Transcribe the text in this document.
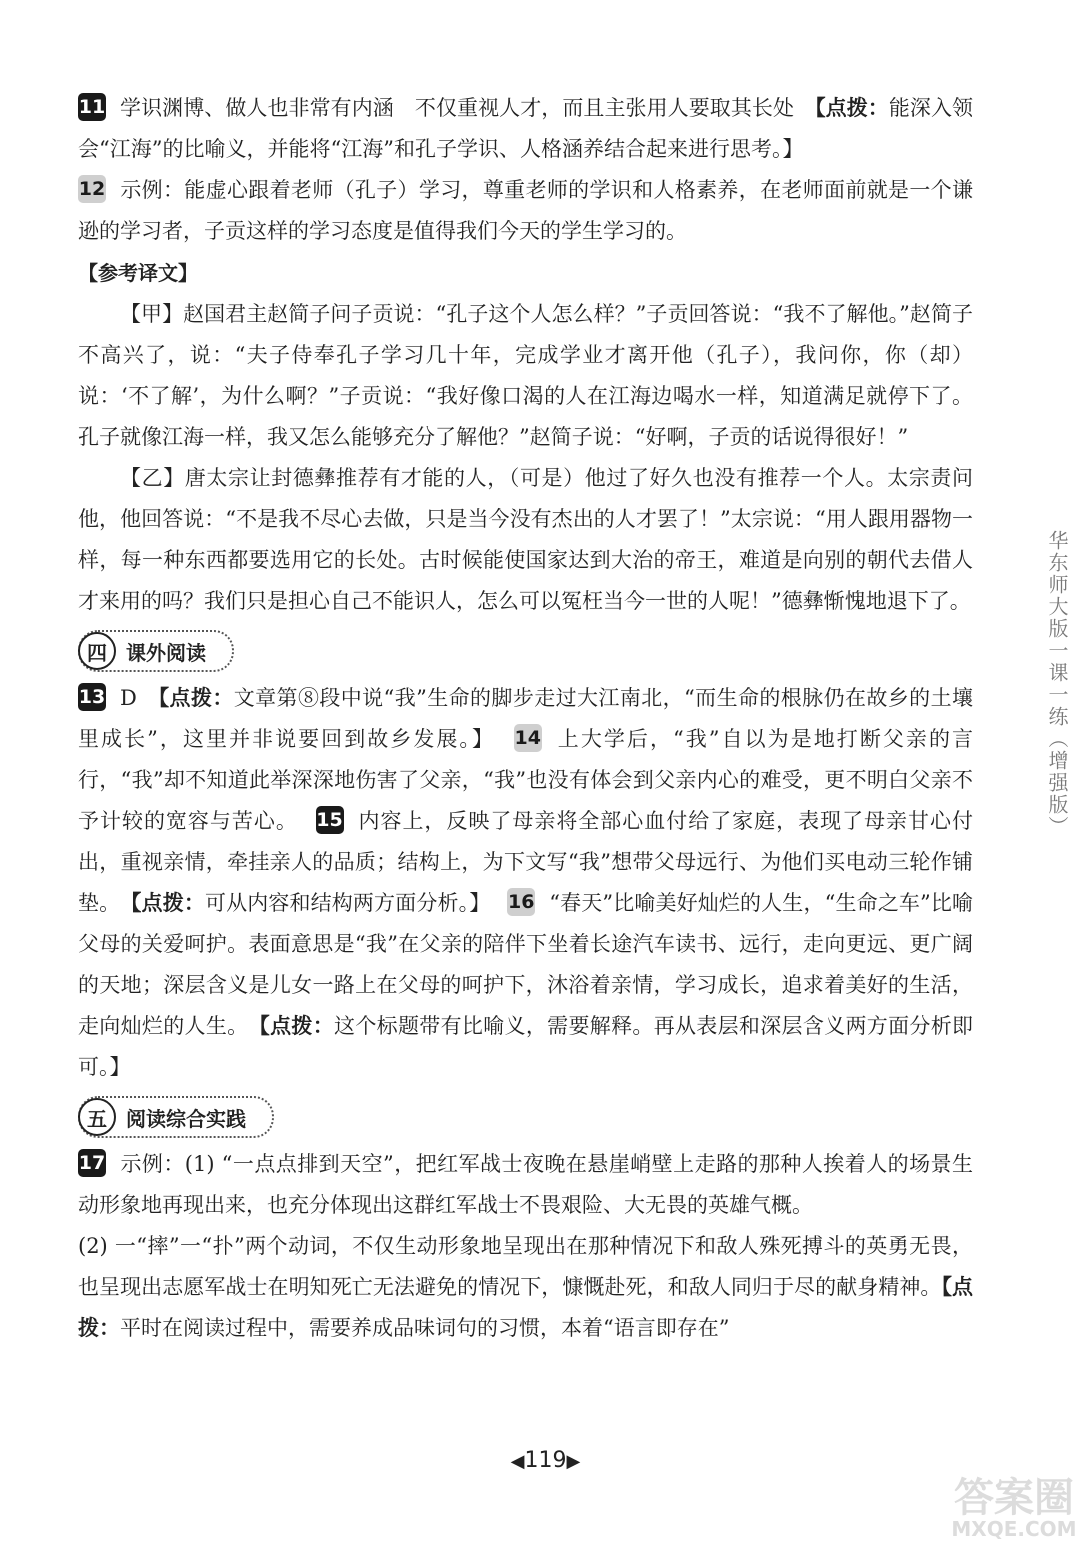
11 学识渊博、做人也非常有内涵　不仅重视人才，而且主张用人要取其长处　【点拨：能深入领会“江海”的比喻义，并能将“江海”和孔子学识、人格涵养结合起来进行思考。】

12 示例：能虚心跟着老师（孔子）学习，尊重老师的学识和人格素养，在老师面前就是一个谦逊的学习者，子贡这样的学习态度是值得我们今天的学生学习的。

【参考译文】

【甲】赵国君主赵简子问子贡说：“孔子这个人怎么样？”子贡回答说：“我不了解他。”赵简子不高兴了，说：“夫子侍奉孔子学习几十年，完成学业才离开他（孔子），我问你，你（却）说：‘不了解’，为什么啊？”子贡说：“我好像口渴的人在江海边喝水一样，知道满足就停下了。孔子就像江海一样，我又怎么能够充分了解他？”赵简子说：“好啊，子贡的话说得很好！”

【乙】唐太宗让封德彝推荐有才能的人，（可是）他过了好久也没有推荐一个人。太宗责问他，他回答说：“不是我不尽心去做，只是当今没有杰出的人才罢了！”太宗说：“用人跟用器物一样，每一种东西都要选用它的长处。古时候能使国家达到大治的帝王，难道是向别的朝代去借人才来用的吗？我们只是担心自己不能识人，怎么可以冤枉当今一世的人呢！”德彝惭愧地退下了。

四 课外阅读

13 D　【点拨：文章第⑧段中说“我”生命的脚步走过大江南北，“而生命的根脉仍在故乡的土壤里成长”，这里并非说要回到故乡发展。】 14 上大学后，“我”自以为是地打断父亲的言行，“我”却不知道此举深深地伤害了父亲，“我”也没有体会到父亲内心的难受，更不明白父亲不予计较的宽容与苦心。 15 内容上，反映了母亲将全部心血付给了家庭，表现了母亲甘心付出，重视亲情，牵挂亲人的品质；结构上，为下文写“我”想带父母远行、为他们买电动三轮作铺垫。　【点拨：可从内容和结构两方面分析。】 16 “春天”比喻美好灿烂的人生，“生命之车”比喻父母的关爱呵护。表面意思是“我”在父亲的陪伴下坐着长途汽车读书、远行，走向更远、更广阔的天地；深层含义是儿女一路上在父母的呵护下，沐浴着亲情，学习成长，追求着美好的生活，走向灿烂的人生。　【点拨：这个标题带有比喻义，需要解释。再从表层和深层含义两方面分析即可。】

五 阅读综合实践

17 示例：(1) “一点点排到天空”，把红军战士夜晚在悬崖峭壁上走路的那种人挨着人的场景生动形象地再现出来，也充分体现出这群红军战士不畏艰险、大无畏的英雄气概。

(2) 一“摔”一“扑”两个动词，不仅生动形象地呈现出在那种情况下和敌人殊死搏斗的英勇无畏，也呈现出志愿军战士在明知死亡无法避免的情况下，慷慨赴死，和敌人同归于尽的献身精神。【点拨：平时在阅读过程中，需要养成品味词句的习惯，本着“语言即存在”

华东师大版一课一练（增强版）
◀119▶
答案圈
MXQE.COM
